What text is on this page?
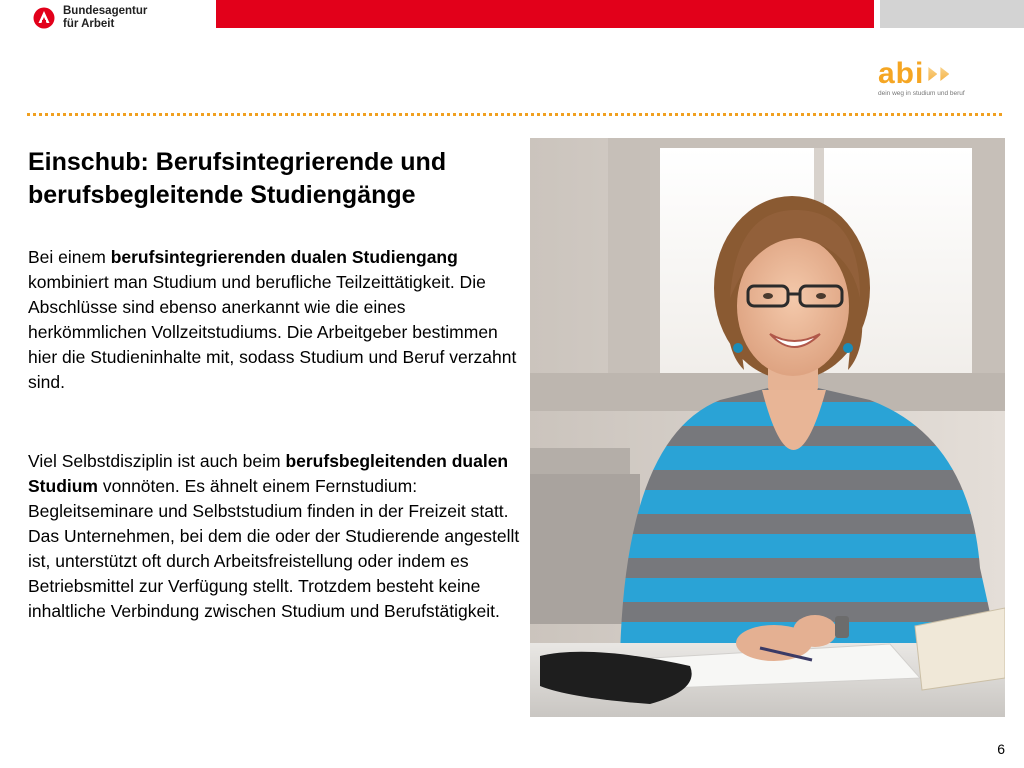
Bundesagentur
für Arbeit
abi
dein weg in studium und beruf
Einschub: Berufsintegrierende und berufsbegleitende Studiengänge

Bei einem berufsintegrierenden dualen Studiengang kombiniert man Studium und berufliche Teilzeittätigkeit. Die Abschlüsse sind ebenso anerkannt wie die eines herkömmlichen Vollzeitstudiums. Die Arbeitgeber bestimmen hier die Studieninhalte mit, sodass Studium und Beruf verzahnt sind.

Viel Selbstdisziplin ist auch beim berufsbegleitenden dualen Studium vonnöten. Es ähnelt einem Fernstudium: Begleitseminare und Selbststudium finden in der Freizeit statt. Das Unternehmen, bei dem die oder der Studierende angestellt ist, unterstützt oft durch Arbeitsfreistellung oder indem es Betriebsmittel zur Verfügung stellt. Trotzdem besteht keine inhaltliche Verbindung zwischen Studium und Berufstätigkeit.

6
